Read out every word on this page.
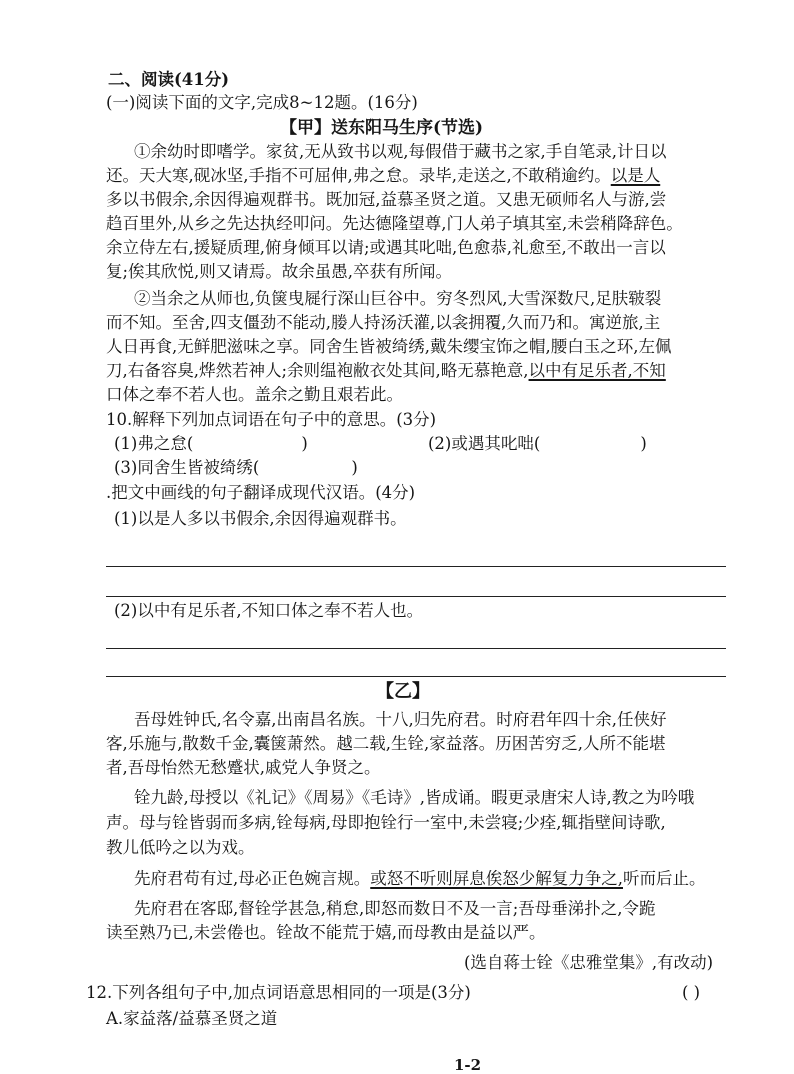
二、阅读(41分)
(一)阅读下面的文字,完成8~12题。(16分)
【甲】送东阳马生序(节选)
①余幼时即嗜学。家贫,无从致书以观,每假借于藏书之家,手自笔录,计日以
还。天大寒,砚冰坚,手指不可屈伸,弗之怠。录毕,走送之,不敢稍逾约。以是人
多以书假余,余因得遍观群书。既加冠,益慕圣贤之道。又患无硕师名人与游,尝
趋百里外,从乡之先达执经叩问。先达德隆望尊,门人弟子填其室,未尝稍降辞色。
余立侍左右,援疑质理,俯身倾耳以请;或遇其叱咄,色愈恭,礼愈至,不敢出一言以
复;俟其欣悦,则又请焉。故余虽愚,卒获有所闻。
②当余之从师也,负箧曳屣行深山巨谷中。穷冬烈风,大雪深数尺,足肤皲裂
而不知。至舍,四支僵劲不能动,媵人持汤沃灌,以衾拥覆,久而乃和。寓逆旅,主
人日再食,无鲜肥滋味之享。同舍生皆被绮绣,戴朱缨宝饰之帽,腰白玉之环,左佩
刀,右备容臭,烨然若神人;余则缊袍敝衣处其间,略无慕艳意,以中有足乐者,不知
口体之奉不若人也。盖余之勤且艰若此。
10.解释下列加点词语在句子中的意思。(3分)
(1)弗之怠(	)	(2)或遇其叱咄(	)
(3)同舍生皆被绮绣(	)
.把文中画线的句子翻译成现代汉语。(4分)
(1)以是人多以书假余,余因得遍观群书。
(2)以中有足乐者,不知口体之奉不若人也。
【乙】
吾母姓钟氏,名令嘉,出南昌名族。十八,归先府君。时府君年四十余,任侠好
客,乐施与,散数千金,囊箧萧然。越二载,生铨,家益落。历困苦穷乏,人所不能堪
者,吾母怡然无愁蹙状,戚党人争贤之。
铨九龄,母授以《礼记》《周易》《毛诗》,皆成诵。暇更录唐宋人诗,教之为吟哦
声。母与铨皆弱而多病,铨每病,母即抱铨行一室中,未尝寝;少痊,辄指壁间诗歌,
教儿低吟之以为戏。
先府君苟有过,母必正色婉言规。或怒不听则屏息俟怒少解复力争之,听而后止。
先府君在客邸,督铨学甚急,稍怠,即怒而数日不及一言;吾母垂涕扑之,令跪
读至熟乃已,未尝倦也。铨故不能荒于嬉,而母教由是益以严。
(选自蒋士铨《忠雅堂集》,有改动)
12.下列各组句子中,加点词语意思相同的一项是(3分)	( )
A.家益落/益慕圣贤之道
1-2
